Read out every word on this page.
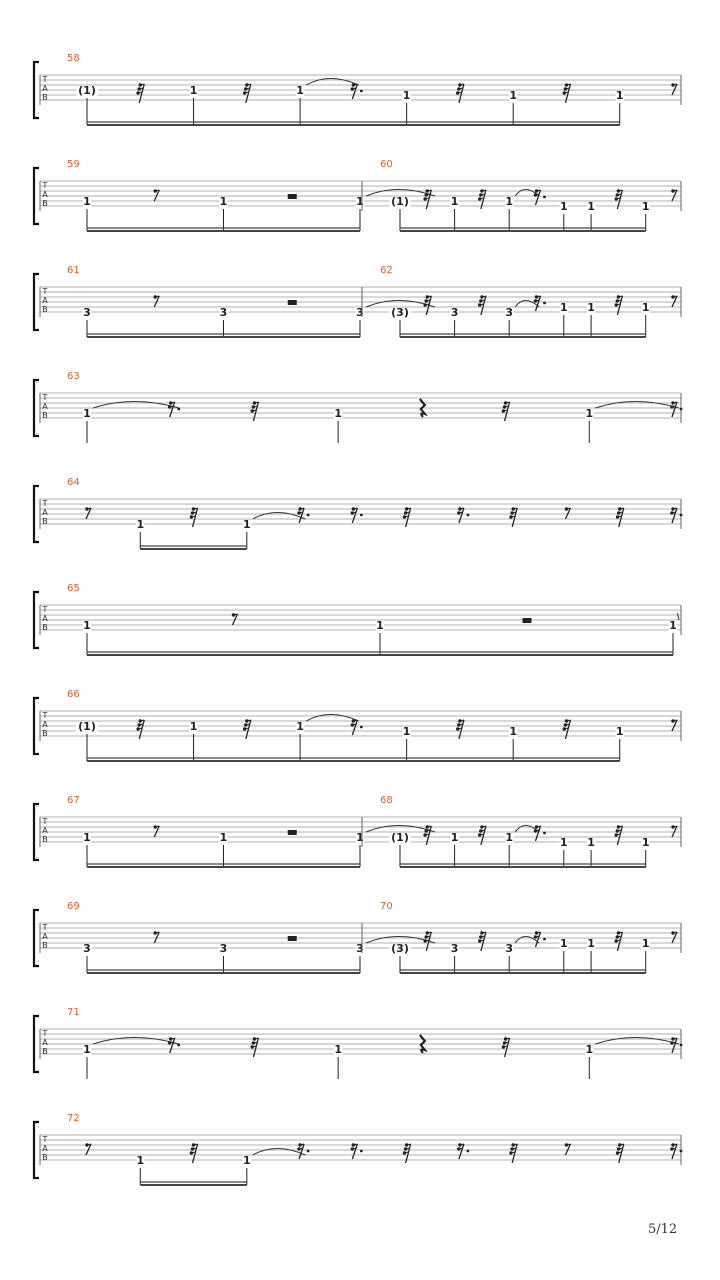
T
A
B
58
(1)	1	1	1	1	1
T
A
B
59
1	1	1
60
(1)	1	1	1 1	1
T
A
B
61
3	3	3
62
(3)	3	3	1 1	1
T
A
B
63
1	1	1
T
A
B
64
1	1
T
A
B
65
1	1	1
T
A
B
66
(1)	1	1	1	1	1
T
A
B
67
1	1	1
68
(1)	1	1	1 1	1
T
A
B
69
3	3	3
70
(3)	3	3	1 1	1
T
A
B
71
1	1	1
T
A
B
72
1	1
5/12
